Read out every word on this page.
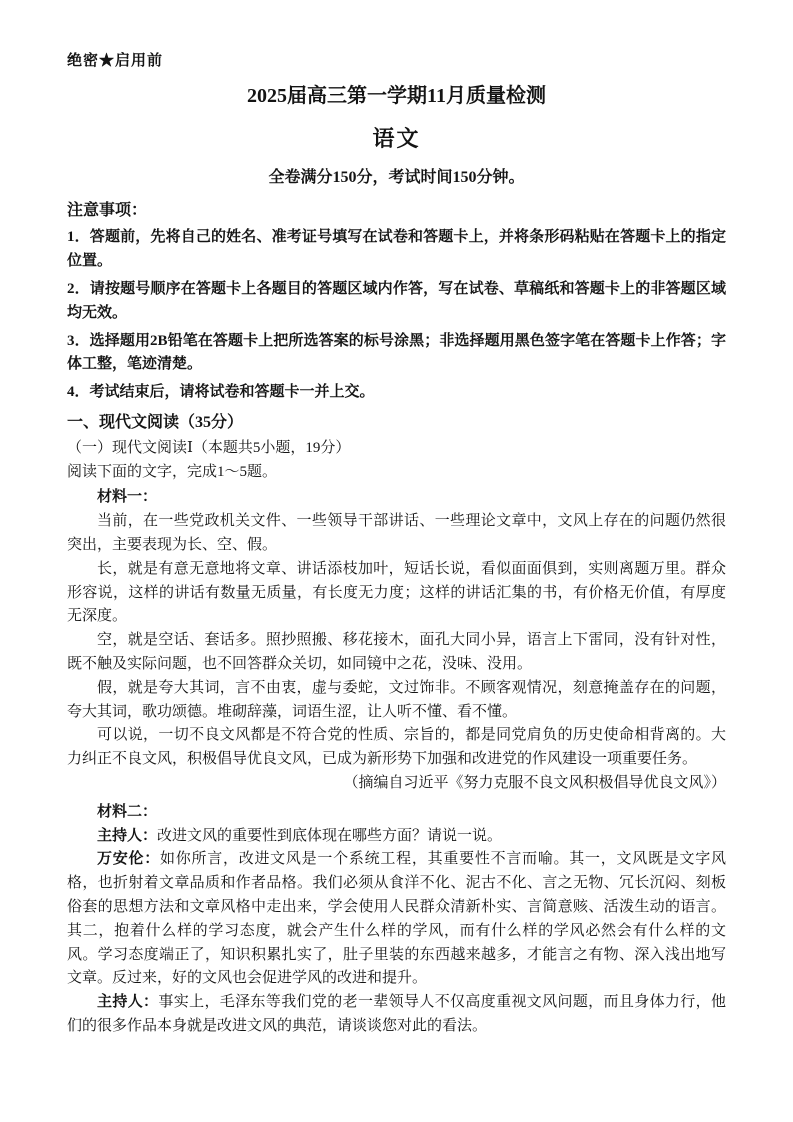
绝密★启用前
2025届高三第一学期11月质量检测
语文
全卷满分150分，考试时间150分钟。
注意事项：

1．答题前，先将自己的姓名、准考证号填写在试卷和答题卡上，并将条形码粘贴在答题卡上的指定位置。

2．请按题号顺序在答题卡上各题目的答题区域内作答，写在试卷、草稿纸和答题卡上的非答题区域均无效。

3．选择题用2B铅笔在答题卡上把所选答案的标号涂黑；非选择题用黑色签字笔在答题卡上作答；字体工整，笔迹清楚。

4．考试结束后，请将试卷和答题卡一并上交。

一、现代文阅读（35分）

（一）现代文阅读Ⅰ（本题共5小题，19分）

阅读下面的文字，完成1～5题。

材料一：

当前，在一些党政机关文件、一些领导干部讲话、一些理论文章中，文风上存在的问题仍然很突出，主要表现为长、空、假。

长，就是有意无意地将文章、讲话添枝加叶，短话长说，看似面面俱到，实则离题万里。群众形容说，这样的讲话有数量无质量，有长度无力度；这样的讲话汇集的书，有价格无价值，有厚度无深度。

空，就是空话、套话多。照抄照搬、移花接木，面孔大同小异，语言上下雷同，没有针对性，既不触及实际问题，也不回答群众关切，如同镜中之花，没味、没用。

假，就是夸大其词，言不由衷，虚与委蛇，文过饰非。不顾客观情况，刻意掩盖存在的问题，夸大其词，歌功颂德。堆砌辞藻，词语生涩，让人听不懂、看不懂。

可以说，一切不良文风都是不符合党的性质、宗旨的，都是同党肩负的历史使命相背离的。大力纠正不良文风，积极倡导优良文风，已成为新形势下加强和改进党的作风建设一项重要任务。

（摘编自习近平《努力克服不良文风积极倡导优良文风》）

材料二：

主持人：改进文风的重要性到底体现在哪些方面？请说一说。

万安伦：如你所言，改进文风是一个系统工程，其重要性不言而喻。其一，文风既是文字风格，也折射着文章品质和作者品格。我们必须从食洋不化、泥古不化、言之无物、冗长沉闷、刻板俗套的思想方法和文章风格中走出来，学会使用人民群众清新朴实、言简意赅、活泼生动的语言。其二，抱着什么样的学习态度，就会产生什么样的学风，而有什么样的学风必然会有什么样的文风。学习态度端正了，知识积累扎实了，肚子里装的东西越来越多，才能言之有物、深入浅出地写文章。反过来，好的文风也会促进学风的改进和提升。

主持人：事实上，毛泽东等我们党的老一辈领导人不仅高度重视文风问题，而且身体力行，他们的很多作品本身就是改进文风的典范，请谈谈您对此的看法。
